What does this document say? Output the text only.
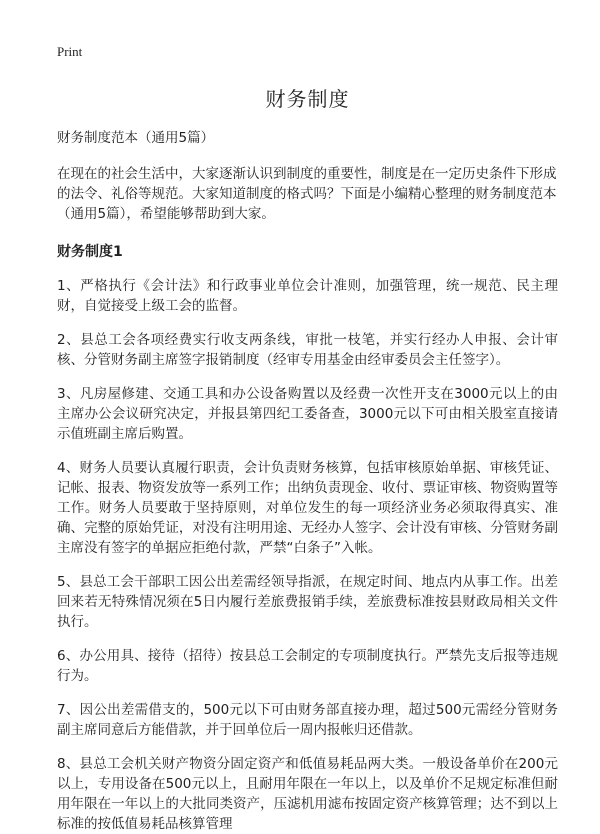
Print
财务制度

财务制度范本（通用5篇）

在现在的社会生活中，大家逐渐认识到制度的重要性，制度是在一定历史条件下形成的法令、礼俗等规范。大家知道制度的格式吗？下面是小编精心整理的财务制度范本（通用5篇），希望能够帮助到大家。

财务制度1

1、严格执行《会计法》和行政事业单位会计准则，加强管理，统一规范、民主理财，自觉接受上级工会的监督。

2、县总工会各项经费实行收支两条线，审批一枝笔，并实行经办人申报、会计审核、分管财务副主席签字报销制度（经审专用基金由经审委员会主任签字）。

3、凡房屋修建、交通工具和办公设备购置以及经费一次性开支在3000元以上的由主席办公会议研究决定，并报县第四纪工委备查，3000元以下可由相关股室直接请示值班副主席后购置。

4、财务人员要认真履行职责，会计负责财务核算，包括审核原始单据、审核凭证、记帐、报表、物资发放等一系列工作；出纳负责现金、收付、票证审核、物资购置等工作。财务人员要敢于坚持原则，对单位发生的每一项经济业务必须取得真实、准确、完整的原始凭证，对没有注明用途、无经办人签字、会计没有审核、分管财务副主席没有签字的单据应拒绝付款，严禁“白条子”入帐。

5、县总工会干部职工因公出差需经领导指派，在规定时间、地点内从事工作。出差回来若无特殊情况须在5日内履行差旅费报销手续，差旅费标准按县财政局相关文件执行。

6、办公用具、接待（招待）按县总工会制定的专项制度执行。严禁先支后报等违规行为。

7、因公出差需借支的，500元以下可由财务部直接办理，超过500元需经分管财务副主席同意后方能借款，并于回单位后一周内报帐归还借款。

8、县总工会机关财产物资分固定资产和低值易耗品两大类。一般设备单价在200元以上，专用设备在500元以上，且耐用年限在一年以上，以及单价不足规定标准但耐用年限在一年以上的大批同类资产，压滤机用滤布按固定资产核算管理；达不到以上标准的按低值易耗品核算管理
